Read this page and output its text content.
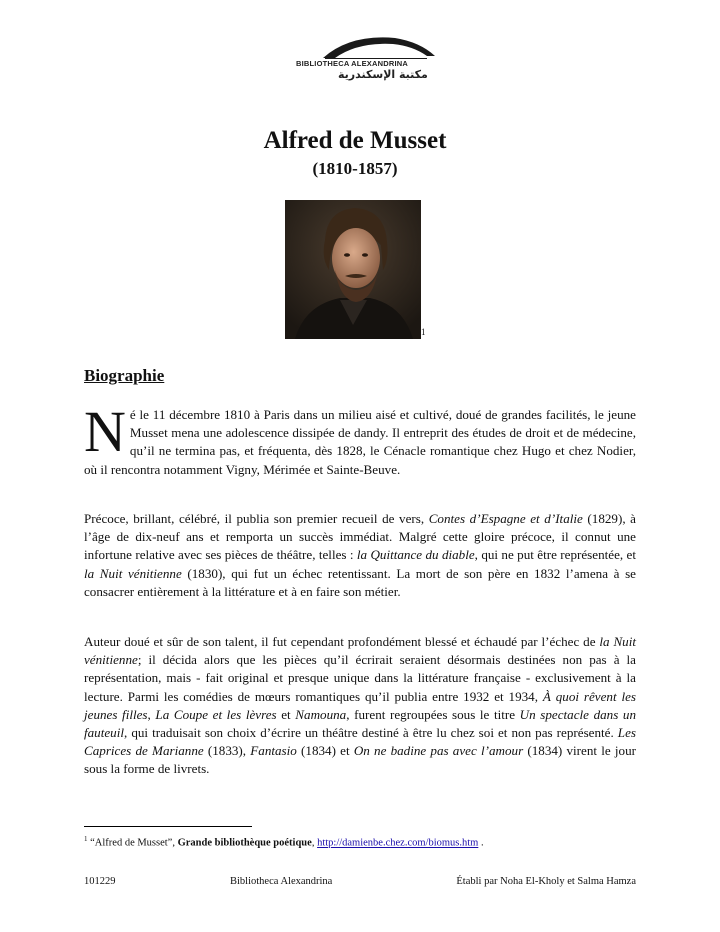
BIBLIOTHECA ALEXANDRINA
مكتبة الإسكندرية
Alfred de Musset
(1810-1857)
1
Biographie
Né le 11 décembre 1810 à Paris dans un milieu aisé et cultivé, doué de grandes facilités, le jeune Musset mena une adolescence dissipée de dandy. Il entreprit des études de droit et de médecine, qu’il ne termina pas, et fréquenta, dès 1828, le Cénacle romantique chez Hugo et chez Nodier, où il rencontra notamment Vigny, Mérimée et Sainte-Beuve.
Précoce, brillant, célébré, il publia son premier recueil de vers, Contes d’Espagne et d’Italie (1829), à l’âge de dix-neuf ans et remporta un succès immédiat. Malgré cette gloire précoce, il connut une infortune relative avec ses pièces de théâtre, telles : la Quittance du diable, qui ne put être représentée, et la Nuit vénitienne (1830), qui fut un échec retentissant. La mort de son père en 1832 l’amena à se consacrer entièrement à la littérature et à en faire son métier.
Auteur doué et sûr de son talent, il fut cependant profondément blessé et échaudé par l’échec de la Nuit vénitienne; il décida alors que les pièces qu’il écrirait seraient désormais destinées non pas à la représentation, mais - fait original et presque unique dans la littérature française - exclusivement à la lecture. Parmi les comédies de mœurs romantiques qu’il publia entre 1932 et 1934, À quoi rêvent les jeunes filles, La Coupe et les lèvres et Namouna, furent regroupées sous le titre Un spectacle dans un fauteuil, qui traduisait son choix d’écrire un théâtre destiné à être lu chez soi et non pas représenté. Les Caprices de Marianne (1833), Fantasio (1834) et On ne badine pas avec l’amour (1834) virent le jour sous la forme de livrets.
$^1$ “Alfred de Musset”, Grande bibliothèque poétique, http://damienbe.chez.com/biomus.htm .
101229	Bibliotheca Alexandrina	Établi par Noha El-Kholy et Salma Hamza
